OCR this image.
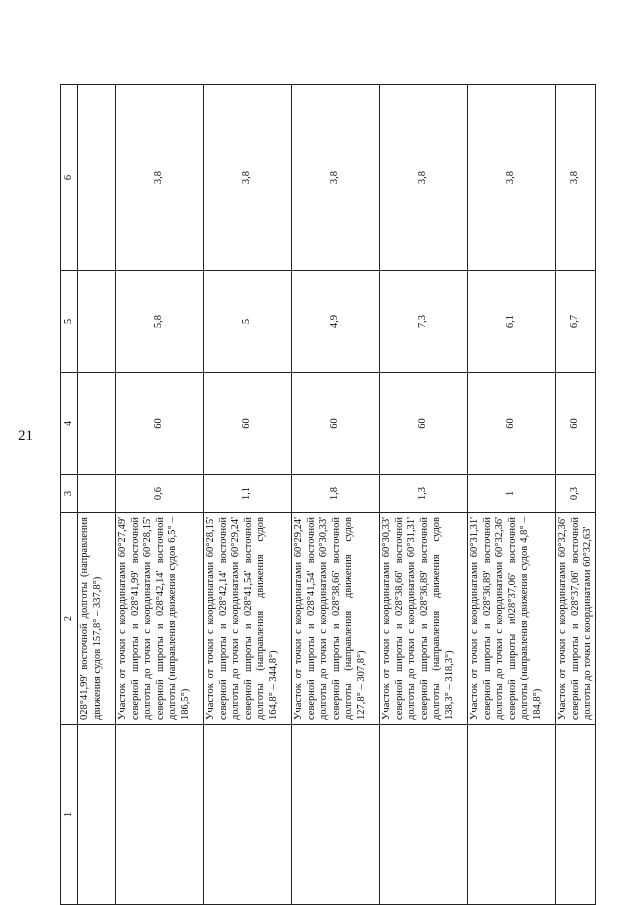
21
1	2	3	4	5	6
	028°41,99' восточной долготы (направления движения судов 157,8° – 337,8°)				
	Участок от точки с координатами 60°27,49' северной широты и 028°41,99' восточной долготы до точки с координатами 60°28,15' северной широты и 028°42,14' восточной долготы (направления движения судов 6,5° – 186,5°)	0,6	60	5,8	3,8
	Участок от точки с координатами 60°28,15' северной широты и 028°42,14' восточной долготы до точки с координатами 60°29,24' северной широты и 028°41,54' восточной долготы (направления движения судов 164,8° – 344,8°)	1,1	60	5	3,8
	Участок от точки с координатами 60°29,24' северной широты и 028°41,54' восточной долготы до точки с координатами 60°30,33' северной широты и 028°38,66' восточной долготы (направления движения судов 127,8° – 307,8°)	1,8	60	4,9	3,8
	Участок от точки с координатами 60°30,33' северной широты и 028°38,66' восточной долготы до точки с координатами 60°31,31' северной широты и 028°36,89' восточной долготы (направления движения судов 138,3° – 318,3°)	1,3	60	7,3	3,8
	Участок от точки с координатами 60°31,31' северной широты и 028°36,89' восточной долготы до точки с координатами 60°32,36' северной широты и028°37,06' восточной долготы (направления движения судов 4,8° – 184,8°)	1	60	6,1	3,8
	Участок от точки с координатами 60°32,36' северной широты и 028°37,06' восточной долготы до точки с координатами 60°32,63'	0,3	60	6,7	3,8
